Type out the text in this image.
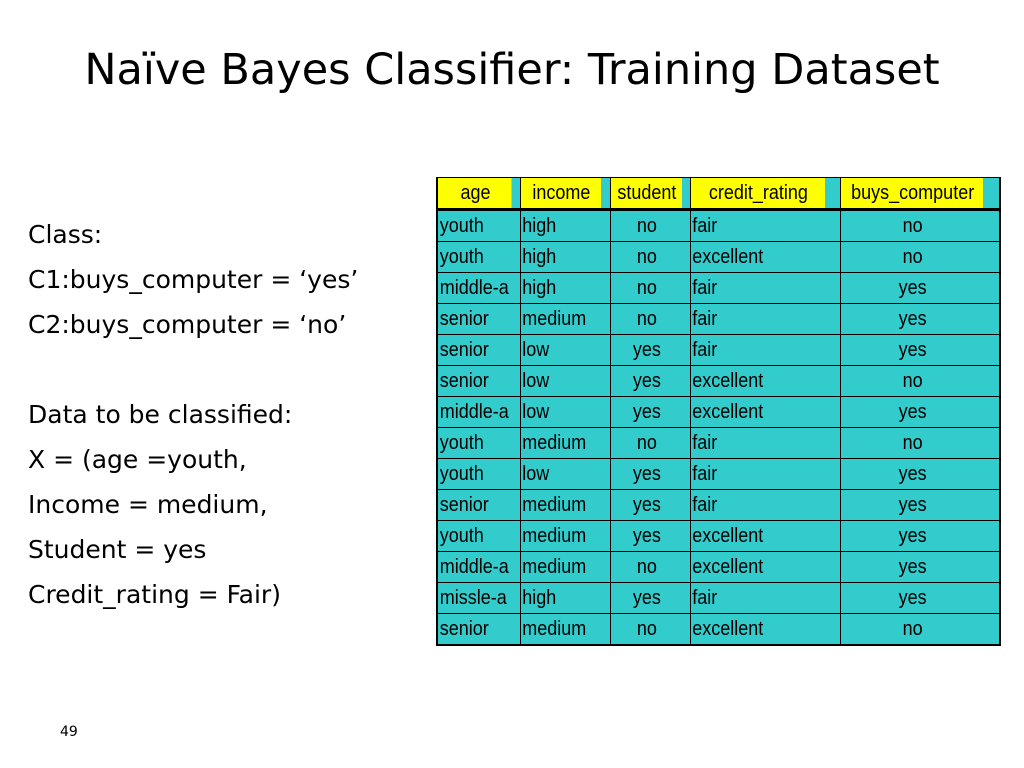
Naïve Bayes Classifier: Training Dataset
Class:
C1:buys_computer = ‘yes’
C2:buys_computer = ‘no’
Data to be classified:
X = (age =youth,
Income = medium,
Student = yes
Credit_rating = Fair)
age	income	student	credit_rating	buys_computer
youth	high	no	fair	no
youth	high	no	excellent	no
middle-a	high	no	fair	yes
senior	medium	no	fair	yes
senior	low	yes	fair	yes
senior	low	yes	excellent	no
middle-a	low	yes	excellent	yes
youth	medium	no	fair	no
youth	low	yes	fair	yes
senior	medium	yes	fair	yes
youth	medium	yes	excellent	yes
middle-a	medium	no	excellent	yes
missle-a	high	yes	fair	yes
senior	medium	no	excellent	no
49
